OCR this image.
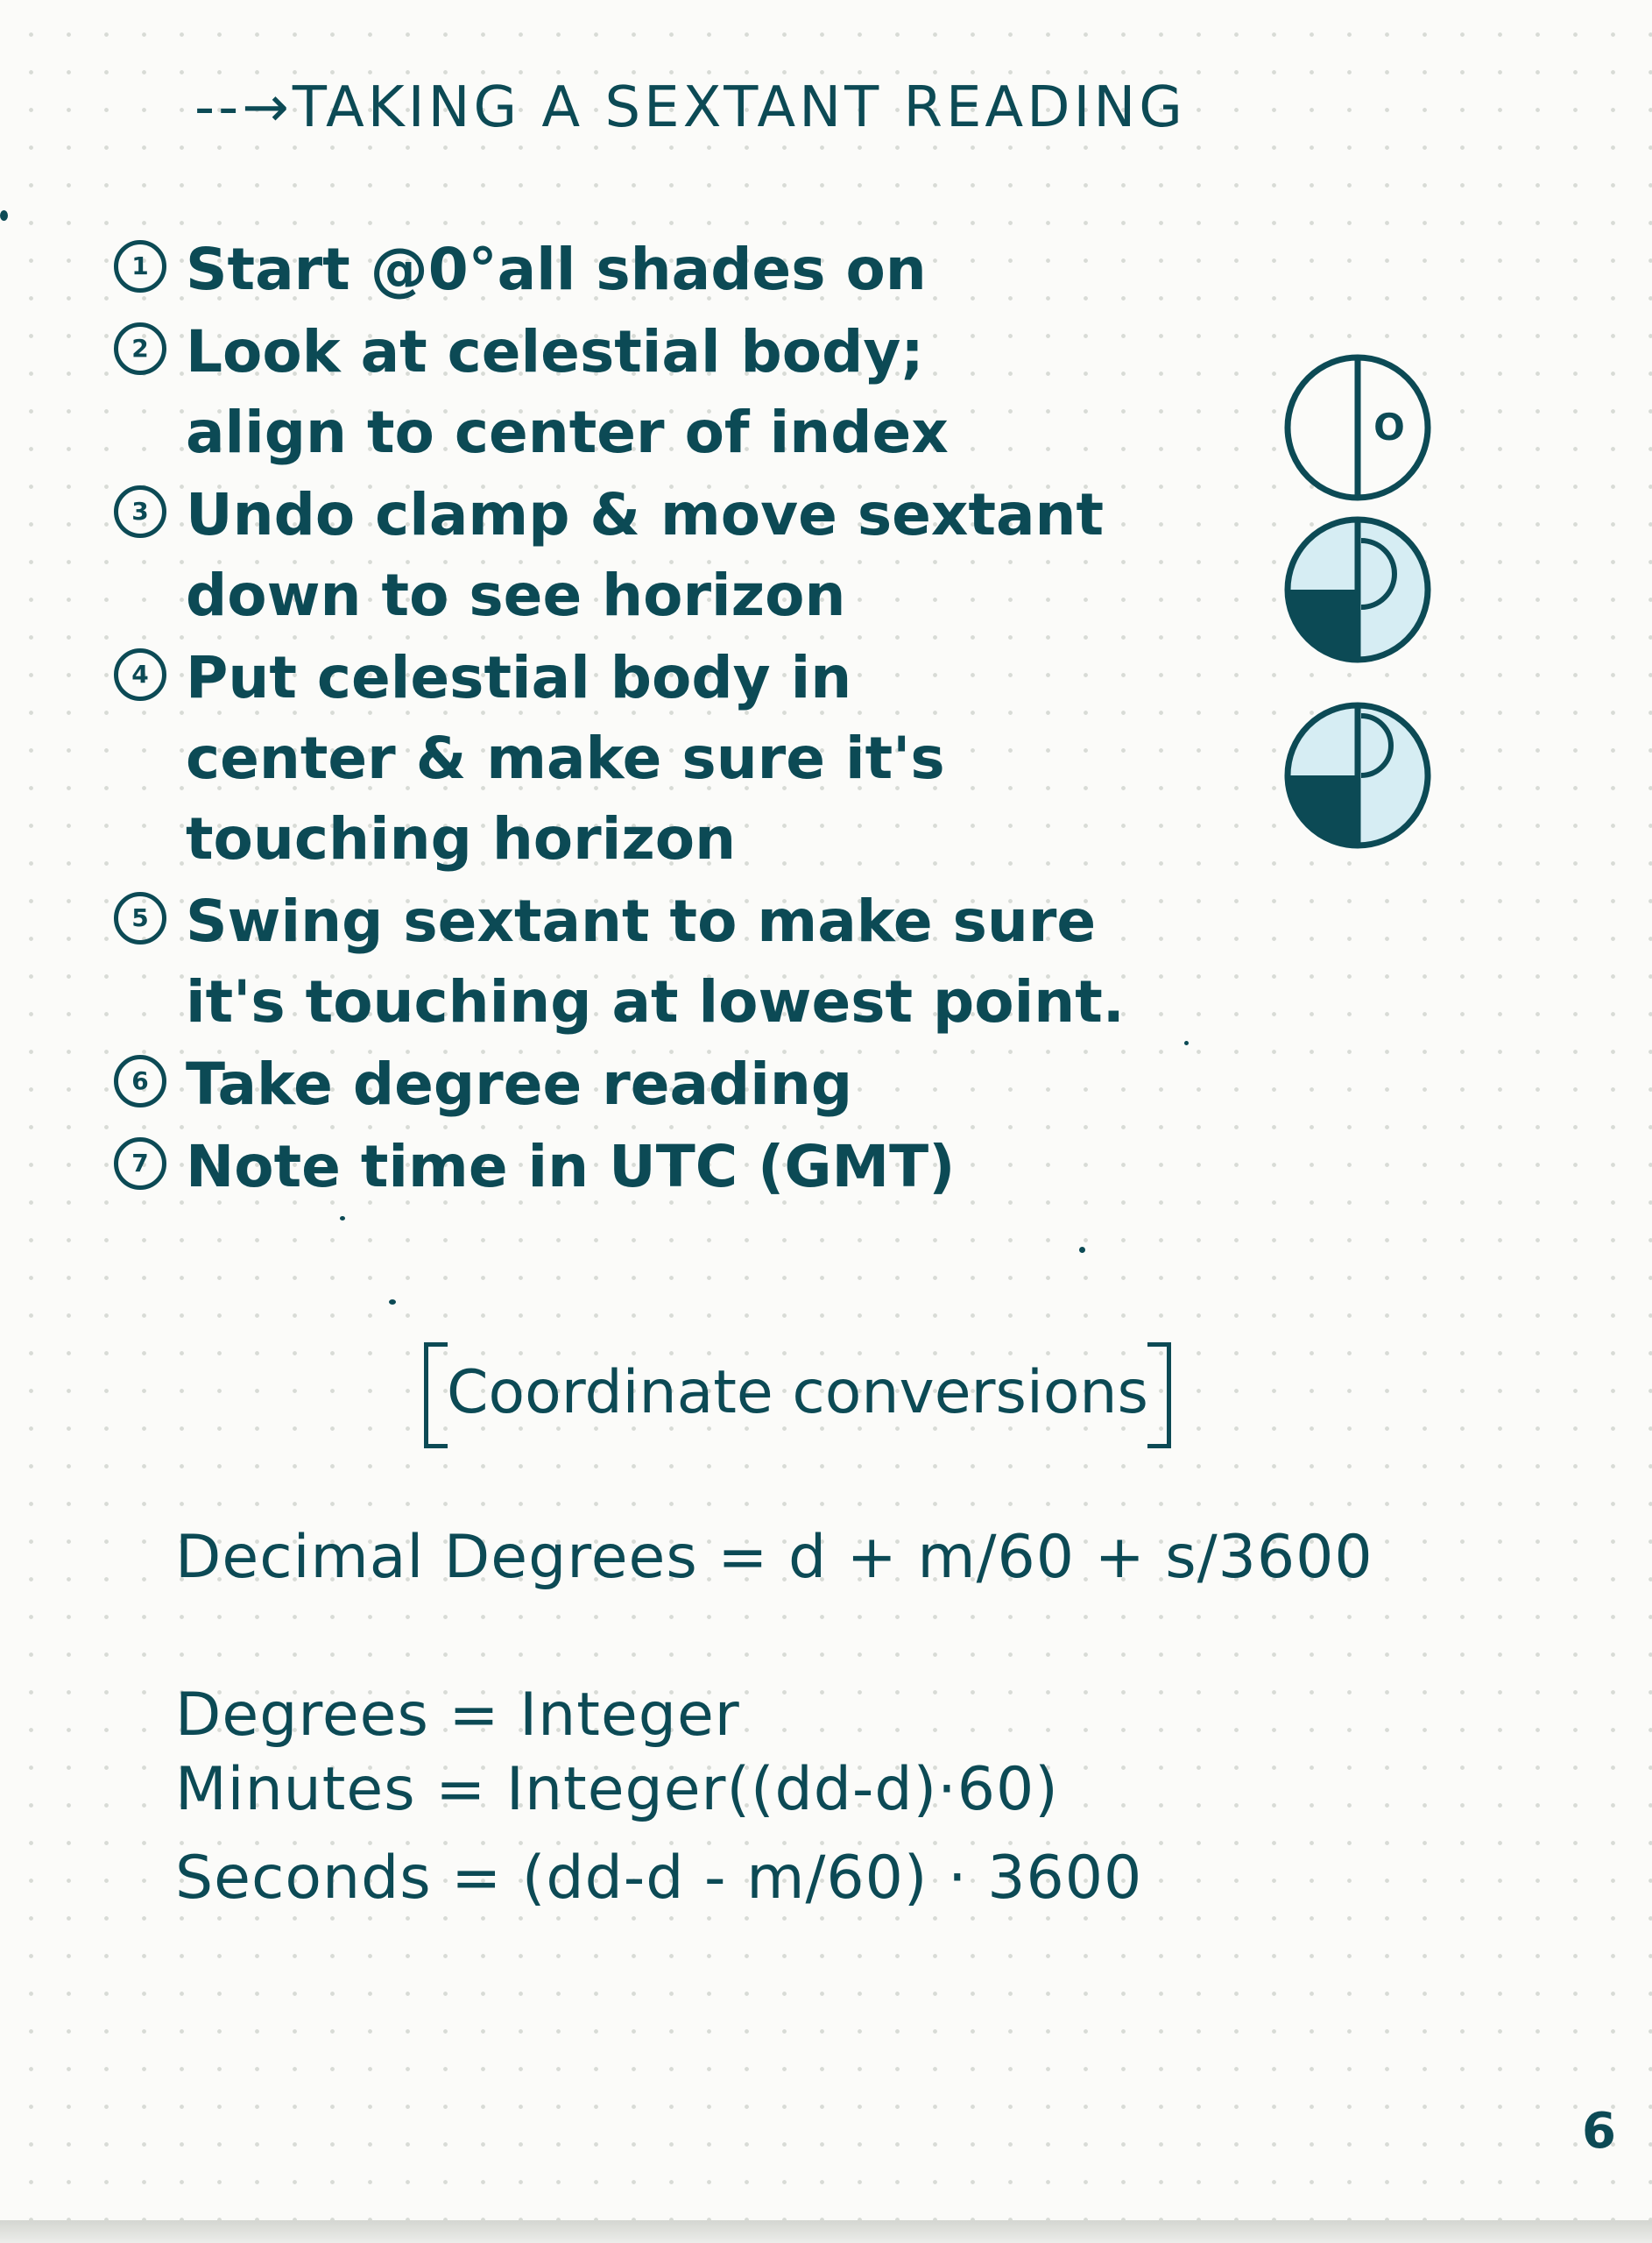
--→TAKING A SEXTANT READING
1 Start @0°all shades on
2 Look at celestial body;
align to center of index
3 Undo clamp & move sextant
down to see horizon
4 Put celestial body in
center & make sure it's
touching horizon
5 Swing sextant to make sure
it's touching at lowest point.
6 Take degree reading
7 Note time in UTC (GMT)
O
Coordinate conversions
Decimal Degrees = d + m/60 + s/3600
Degrees = Integer
Minutes = Integer((dd-d)·60)
Seconds = (dd-d - m/60) · 3600
6
